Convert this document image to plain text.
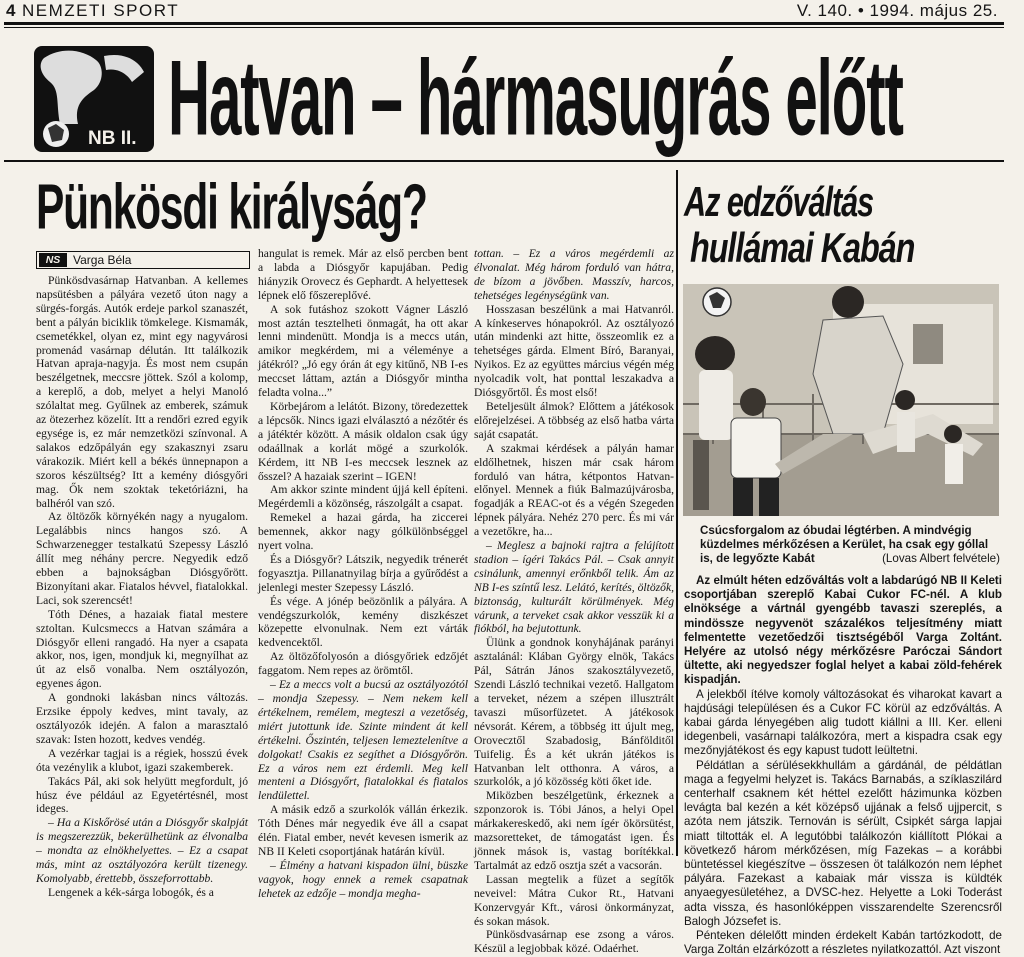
4 NEMZETI SPORT	V. 140. • 1994. május 25.
NB II. Hatvan – hármasugrás előtt
Pünkösdi királyság?
NS	Varga Béla

Pünkösdvasárnap Hatvanban. A kellemes napsütésben a pályára vezető úton nagy a sürgés-forgás. Autók erdeje parkol szanaszét, bent a pályán biciklik tömkelege. Kismamák, csemetékkel, olyan ez, mint egy nagyvárosi promenád vasárnap délután. Itt találkozik Hatvan apraja-nagyja. És most nem csupán beszélgetnek, meccsre jöttek. Szól a kolomp, a kereplő, a dob, melyet a helyi Manoló szólaltat meg. Gyűlnek az emberek, számuk az ötezerhez közelít. Itt a rendőri ezred egyik egysége is, ez már nemzetközi színvonal. A salakos edzőpályán egy szakasznyi zsaru várakozik. Miért kell a békés ünnepnapon a szoros készültség? Itt a kemény diósgyőri mag. Ők nem szoktak teketóriázni, ha balhéról van szó.

Az öltözők környékén nagy a nyugalom. Legalábbis nincs hangos szó. A Schwarzenegger testalkatú Szepessy László állít meg néhány percre. Negyedik edző ebben a bajnokságban Diósgyőrött. Bizonyítani akar. Fiatalos hévvel, fiatalokkal. Laci, sok szerencsét!

Tóth Dénes, a hazaiak fiatal mestere sztoltan. Kulcsmeccs a Hatvan számára a Diósgyőr elleni rangadó. Ha nyer a csapata akkor, nos, igen, mondjuk ki, megnyílhat az út az első vonalba. Nem osztályozón, egyenes ágon.

A gondnoki lakásban nincs változás. Erzsike éppoly kedves, mint tavaly, az osztályozók idején. A falon a marasztaló szavak: Isten hozott, kedves vendég.

A vezérkar tagjai is a régiek, hosszú évek óta vezénylik a klubot, igazi szakemberek.

Takács Pál, aki sok helyütt megfordult, jó húsz éve például az Egyetértésnél, most ideges.

– Ha a Kiskőrösé után a Diósgyőr skalpját is megszerezzük, bekerülhetünk az élvonalba – mondta az elnökhelyettes. – Ez a csapat más, mint az osztályozóra került tizenegy. Komolyabb, érettebb, összeforrottabb.

Lengenek a kék-sárga lobogók, és a

hangulat is remek. Már az első percben bent a labda a Diósgyőr kapujában. Pedig hiányzik Orovecz és Gephardt. A helyettesek lépnek elő főszereplővé.

A sok futáshoz szokott Vágner László most aztán tesztelheti önmagát, ha ott akar lenni mindenütt. Mondja is a meccs után, amikor megkérdem, mi a véleménye a játékról? „Jó egy órán át egy kitűnő, NB I-es meccset láttam, aztán a Diósgyőr mintha feladta volna...”

Körbejárom a lelátót. Bizony, töredezettek a lépcsők. Nincs igazi elválasztó a nézőtér és a játéktér között. A másik oldalon csak úgy odaállnak a korlát mögé a szurkolók. Kérdem, itt NB I-es meccsek lesznek az ősszel? A hazaiak szerint – IGEN!

Am akkor szinte mindent újjá kell építeni. Megérdemli a közönség, rászolgált a csapat.

Remekel a hazai gárda, ha ziccerei bemennek, akkor nagy gólkülönbséggel nyert volna.

És a Diósgyőr? Látszik, negyedik trénerét fogyasztja. Pillanatnyilag bírja a gyűrődést a jelenlegi mester Szepessy László.

És vége. A jónép beözönlik a pályára. A vendégszurkolók, kemény diszkészet közepette elvonulnak. Nem ezt várták kedvencektől.

Az öltözőfolyosón a diósgyőriek edzőjét faggatom. Nem repes az örömtől.

– Ez a meccs volt a bucsú az osztályozótól – mondja Szepessy. – Nem nekem kell értékelnem, remélem, megteszi a vezetőség, miért jutottunk ide. Szinte mindent át kell értékelni. Őszintén, teljesen lemeztelenítve a dolgokat! Csakis ez segíthet a Diósgyőrön. Ez a város nem ezt érdemli. Meg kell menteni a Diósgyőrt, fiatalokkal és fiatalos lendülettel.

A másik edző a szurkolók vállán érkezik. Tóth Dénes már negyedik éve áll a csapat élén. Fiatal ember, nevét kevesen ismerik az NB II Keleti csoportjának határán kívül.

– Élmény a hatvani kispadon ülni, büszke vagyok, hogy ennek a remek csapatnak lehetek az edzője – mondja megha-

tottan. – Ez a város megérdemli az élvonalat. Még három forduló van hátra, de bízom a jövőben. Masszív, harcos, tehetséges legénységünk van.

Hosszasan beszélünk a mai Hatvanról. A kínkeserves hónapokról. Az osztályozó után mindenki azt hitte, összeomlik ez a tehetséges gárda. Elment Bíró, Baranyai, Nyikos. Ez az együttes március végén még nyolcadik volt, hat ponttal leszakadva a Diósgyőrtől. És most első!

Beteljesült álmok? Előttem a játékosok előrejelzései. A többség az első hatba várta saját csapatát.

A szakmai kérdések a pályán hamar eldőlhetnek, hiszen már csak három forduló van hátra, kétpontos Hatvan-előnyel. Mennek a fiúk Balmazújvárosba, fogadják a REAC-ot és a végén Szegeden lépnek pályára. Nehéz 270 perc. És mi vár a vezetőkre, ha...

– Meglesz a bajnoki rajtra a felújított stadion – ígéri Takács Pál. – Csak annyit csinálunk, amennyi erőnkből telik. Ám az NB I-es színtű lesz. Lelátó, kerítés, öltözők, biztonság, kulturált körülmények. Még várunk, a terveket csak akkor vesszük ki a fiókból, ha bejutottunk.

Ülünk a gondnok konyhájának parányi asztalánál: Klában György elnök, Takács Pál, Sátrán János szakosztályvezető, Szendi László technikai vezető. Hallgatom a terveket, nézem a szépen illusztrált tavaszi műsorfüzetet. A játékosok névsorát. Kérem, a többség itt újult meg, Orovecztől Szabadosig, Bánfölditől Tuifelig. És a két ukrán játékos is Hatvanban lelt otthonra. A város, a szurkolók, a jó közösség köti őket ide.

Miközben beszélgetünk, érkeznek a szponzorok is. Tóbi János, a helyi Opel márkakereskedő, aki nem ígér ökörsütést, mazsoretteket, de támogatást igen. És jönnek mások is, vastag borítékkal. Tartalmát az edző osztja szét a vacsorán.

Lassan megtelik a füzet a segítők neveivel: Mátra Cukor Rt., Hatvani Konzervgyár Kft., városi önkormányzat, és sokan mások.

Pünkösdvasárnap ese zsong a város. Készül a legjobbak közé. Odaérhet.

Az edzőváltás
hullámai Kabán
Csúcsforgalom az óbudai légtérben. A mindvégig küzdelmes mérkőzésen a Kerület, ha csak egy góllal is, de legyőzte Kabát	(Lovas Albert felvétele)

Az elmúlt héten edzőváltás volt a labdarúgó NB II Keleti csoportjában szereplő Kabai Cukor FC-nél. A klub elnöksége a vártnál gyengébb tavaszi szereplés, a mindössze negyvenöt százalékos teljesítmény miatt felmentette vezetőedzői tisztségéből Varga Zoltánt. Helyére az utolsó négy mérkőzésre Paróczai Sándort ültette, aki negyedszer foglal helyet a kabai zöld-fehérek kispadján.

A jelekből ítélve komoly változásokat és viharokat kavart a hajdúsági településen és a Cukor FC körül az edzőváltás. A kabai gárda lényegében alig tudott kiállni a III. Ker. elleni idegenbeli, vasárnapi találkozóra, mert a kispadra csak egy mezőnyjátékost és egy kapust tudott leültetni.

Példátlan a sérülésekkhullám a gárdánál, de példátlan maga a fegyelmi helyzet is. Takács Barnabás, a szíklaszilárd centerhalf csaknem két héttel ezelőtt házimunka közben levágta bal kezén a két középső ujjának a felső ujjpercit, s azóta nem játszik. Ternován is sérült, Csipkét sárga lapjai miatt tiltották el. A legutóbbi találkozón kiállított Plókai a következő három mérkőzésen, míg Fazekas – a korábbi büntetéssel kiegészítve – összesen öt találkozón nem léphet pályára. Fazekast a kabaiak már vissza is küldték anyaegyesületéhez, a DVSC-hez. Helyette a Loki Toderást adta vissza, és hasonlóképpen visszarendelte Szerencsről Balogh Józsefet is.

Pénteken délelőtt minden érdekelt Kabán tartózkodott, de Varga Zoltán elzárkózott a részletes nyilatkozattól. Azt viszont
